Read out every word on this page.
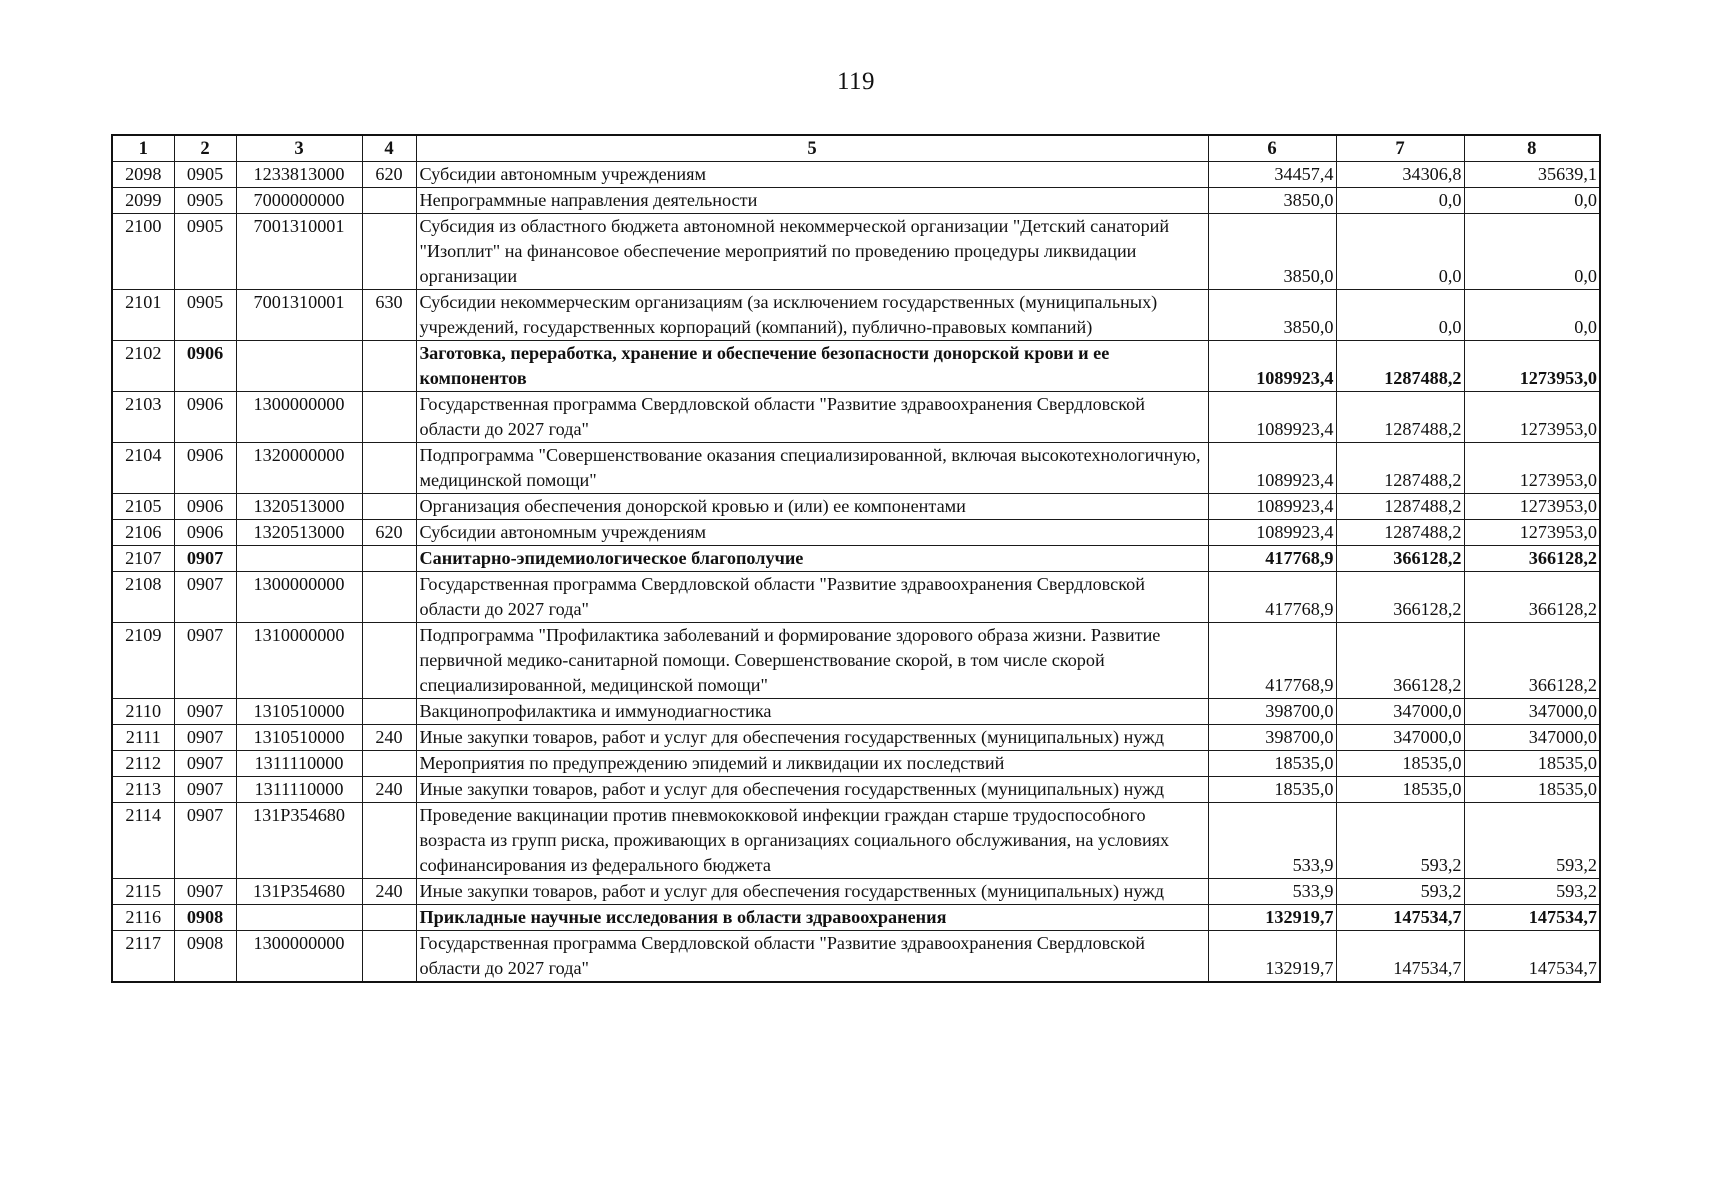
119
1	2	3	4	5	6	7	8
2098	0905	1233813000	620	Субсидии автономным учреждениям	34457,4	34306,8	35639,1
2099	0905	7000000000		Непрограммные направления деятельности	3850,0	0,0	0,0
2100	0905	7001310001		Субсидия из областного бюджета автономной некоммерческой организации "Детский санаторий "Изоплит" на финансовое обеспечение мероприятий по проведению процедуры ликвидации организации	3850,0	0,0	0,0
2101	0905	7001310001	630	Субсидии некоммерческим организациям (за исключением государственных (муниципальных) учреждений, государственных корпораций (компаний), публично-правовых компаний)	3850,0	0,0	0,0
2102	0906			Заготовка, переработка, хранение и обеспечение безопасности донорской крови и ее компонентов	1089923,4	1287488,2	1273953,0
2103	0906	1300000000		Государственная программа Свердловской области "Развитие здравоохранения Свердловской области до 2027 года"	1089923,4	1287488,2	1273953,0
2104	0906	1320000000		Подпрограмма "Совершенствование оказания специализированной, включая высокотехнологичную, медицинской помощи"	1089923,4	1287488,2	1273953,0
2105	0906	1320513000		Организация обеспечения донорской кровью и (или) ее компонентами	1089923,4	1287488,2	1273953,0
2106	0906	1320513000	620	Субсидии автономным учреждениям	1089923,4	1287488,2	1273953,0
2107	0907			Санитарно-эпидемиологическое благополучие	417768,9	366128,2	366128,2
2108	0907	1300000000		Государственная программа Свердловской области "Развитие здравоохранения Свердловской области до 2027 года"	417768,9	366128,2	366128,2
2109	0907	1310000000		Подпрограмма "Профилактика заболеваний и формирование здорового образа жизни. Развитие первичной медико-санитарной помощи. Совершенствование скорой, в том числе скорой специализированной, медицинской помощи"	417768,9	366128,2	366128,2
2110	0907	1310510000		Вакцинопрофилактика и иммунодиагностика	398700,0	347000,0	347000,0
2111	0907	1310510000	240	Иные закупки товаров, работ и услуг для обеспечения государственных (муниципальных) нужд	398700,0	347000,0	347000,0
2112	0907	1311110000		Мероприятия по предупреждению эпидемий и ликвидации их последствий	18535,0	18535,0	18535,0
2113	0907	1311110000	240	Иные закупки товаров, работ и услуг для обеспечения государственных (муниципальных) нужд	18535,0	18535,0	18535,0
2114	0907	131P354680		Проведение вакцинации против пневмококковой инфекции граждан старше трудоспособного возраста из групп риска, проживающих в организациях социального обслуживания, на условиях софинансирования из федерального бюджета	533,9	593,2	593,2
2115	0907	131P354680	240	Иные закупки товаров, работ и услуг для обеспечения государственных (муниципальных) нужд	533,9	593,2	593,2
2116	0908			Прикладные научные исследования в области здравоохранения	132919,7	147534,7	147534,7
2117	0908	1300000000		Государственная программа Свердловской области "Развитие здравоохранения Свердловской области до 2027 года"	132919,7	147534,7	147534,7
